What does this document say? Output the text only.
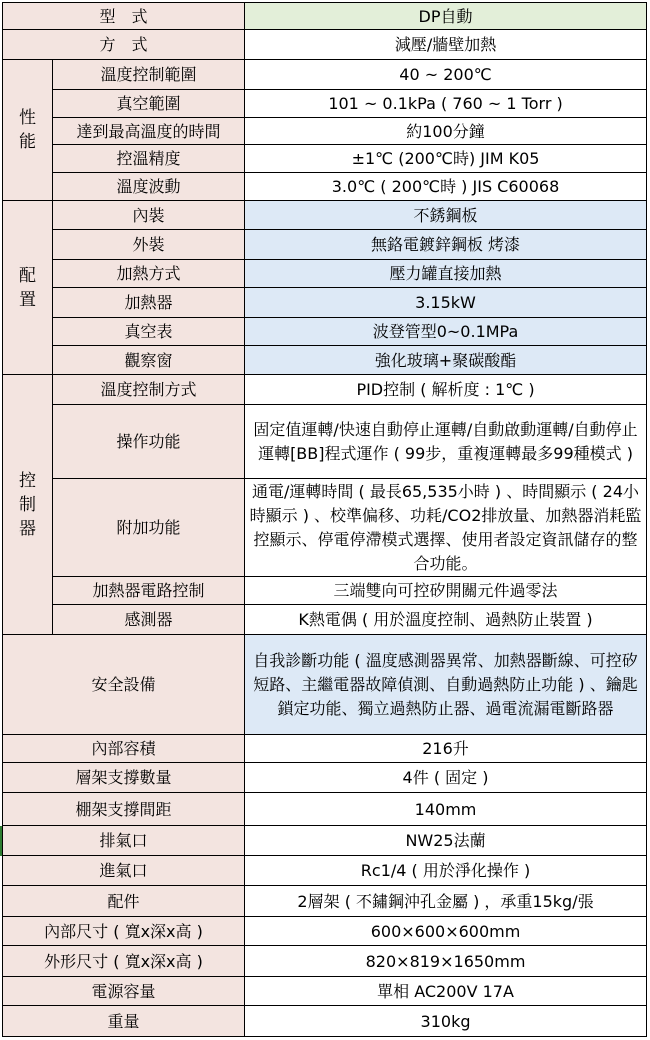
型　式		DP自動
方　式		減壓/牆壁加熱

性
能	溫度控制範圍	40 ~ 200℃
	真空範圍	101 ~ 0.1kPa ( 760 ~ 1 Torr )
	達到最高溫度的時間	約100分鐘
	控溫精度	±1℃ (200℃時) JIM K05
	溫度波動	3.0℃ ( 200℃時 ) JIS C60068

配
置	內裝	不銹鋼板
	外裝	無鉻電鍍鋅鋼板 烤漆
	加熱方式	壓力罐直接加熱
	加熱器	3.15kW
	真空表	波登管型0~0.1MPa
	觀察窗	強化玻璃+聚碳酸酯

控
制
器	溫度控制方式	PID控制 ( 解析度 : 1℃ )
	操作功能	固定值運轉/快速自動停止運轉/自動啟動運轉/自動停止運轉[BB]程式運作 ( 99步，重複運轉最多99種模式 )
	附加功能	通電/運轉時間 ( 最長65,535小時 ) 、時間顯示 ( 24小時顯示 ) 、校準偏移、功耗/CO2排放量、加熱器消耗監控顯示、停電停滯模式選擇、使用者設定資訊儲存的整合功能。
	加熱器電路控制	三端雙向可控矽開關元件過零法
	感測器	K熱電偶 ( 用於溫度控制、過熱防止裝置 )
安全設備		自我診斷功能 ( 溫度感測器異常、加熱器斷線、可控矽短路、主繼電器故障偵測、自動過熱防止功能 ) 、鑰匙鎖定功能、獨立過熱防止器、過電流漏電斷路器
內部容積		216升
層架支撐數量		4件 ( 固定 )
棚架支撐間距		140mm
排氣口		NW25法蘭
進氣口		Rc1/4 ( 用於淨化操作 )
配件		2層架 ( 不鏽鋼沖孔金屬 ) ，承重15kg/張
內部尺寸 ( 寬x深x高 )		600×600×600mm
外形尺寸 ( 寬x深x高 )		820×819×1650mm
電源容量		單相 AC200V 17A
重量		310kg
